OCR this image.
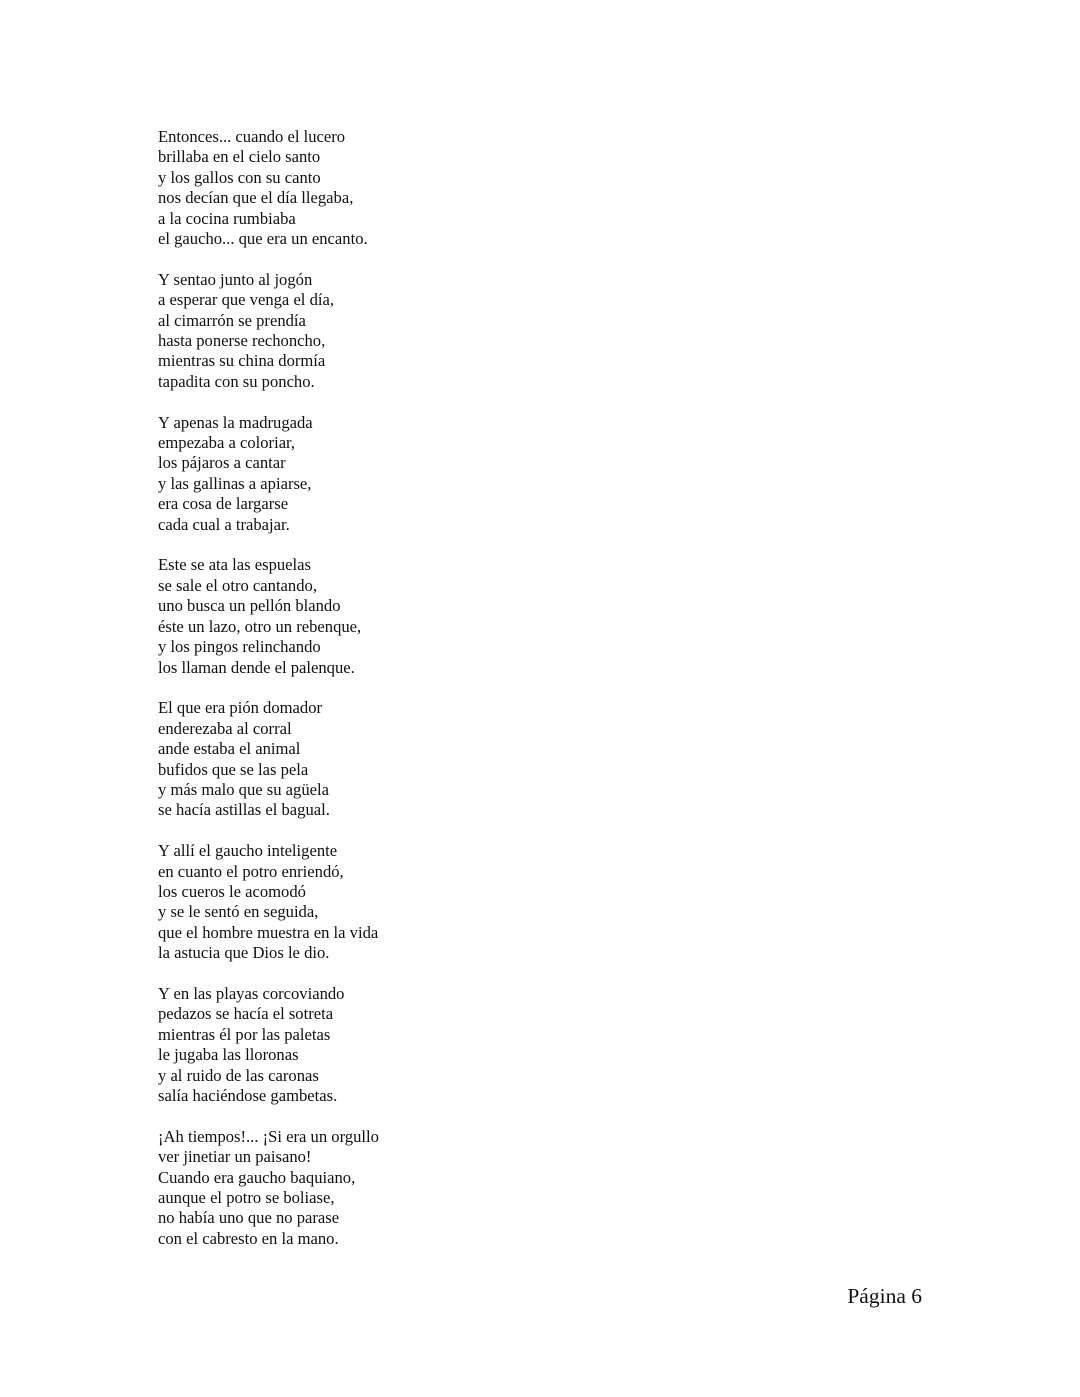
Entonces... cuando el lucero
brillaba en el cielo santo
y los gallos con su canto
nos decían que el día llegaba,
a la cocina rumbiaba
el gaucho... que era un encanto.
Y sentao junto al jogón
a esperar que venga el día,
al cimarrón se prendía
hasta ponerse rechoncho,
mientras su china dormía
tapadita con su poncho.
Y apenas la madrugada
empezaba a coloriar,
los pájaros a cantar
y las gallinas a apiarse,
era cosa de largarse
cada cual a trabajar.
Este se ata las espuelas
se sale el otro cantando,
uno busca un pellón blando
éste un lazo, otro un rebenque,
y los pingos relinchando
los llaman dende el palenque.
El que era pión domador
enderezaba al corral
ande estaba el animal
bufidos que se las pela
y más malo que su agüela
se hacía astillas el bagual.
Y allí el gaucho inteligente
en cuanto el potro enriendó,
los cueros le acomodó
y se le sentó en seguida,
que el hombre muestra en la vida
la astucia que Dios le dio.
Y en las playas corcoviando
pedazos se hacía el sotreta
mientras él por las paletas
le jugaba las lloronas
y al ruido de las caronas
salía haciéndose gambetas.
¡Ah tiempos!... ¡Si era un orgullo
ver jinetiar un paisano!
Cuando era gaucho baquiano,
aunque el potro se boliase,
no había uno que no parase
con el cabresto en la mano.
Página 6
